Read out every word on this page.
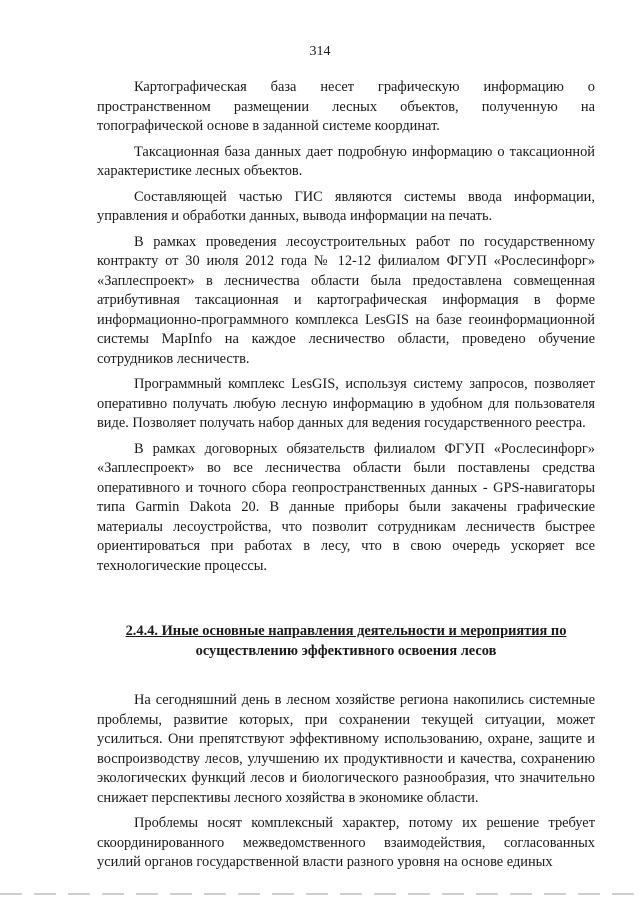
314

Картографическая база несет графическую информацию о пространственном размещении лесных объектов, полученную на топографической основе в заданной системе координат.

Таксационная база данных дает подробную информацию о таксационной характеристике лесных объектов.

Составляющей частью ГИС являются системы ввода информации, управления и обработки данных, вывода информации на печать.

В рамках проведения лесоустроительных работ по государственному контракту от 30 июля 2012 года № 12-12 филиалом ФГУП «Рослесинфорг» «Заплеспроект» в лесничества области была предоставлена совмещенная атрибутивная таксационная и картографическая информация в форме информационно-программного комплекса LesGIS на базе геоинформационной системы MapInfo на каждое лесничество области, проведено обучение сотрудников лесничеств.

Программный комплекс LesGIS, используя систему запросов, позволяет оперативно получать любую лесную информацию в удобном для пользователя виде. Позволяет получать набор данных для ведения государственного реестра.

В рамках договорных обязательств филиалом ФГУП «Рослесинфорг» «Заплеспроект» во все лесничества области были поставлены средства оперативного и точного сбора геопространственных данных - GPS-навигаторы типа Garmin Dakota 20. В данные приборы были закачены графические материалы лесоустройства, что позволит сотрудникам лесничеств быстрее ориентироваться при работах в лесу, что в свою очередь ускоряет все технологические процессы.

2.4.4. Иные основные направления деятельности и мероприятия по
осуществлению эффективного освоения лесов

На сегодняшний день в лесном хозяйстве региона накопились системные проблемы, развитие которых, при сохранении текущей ситуации, может усилиться. Они препятствуют эффективному использованию, охране, защите и воспроизводству лесов, улучшению их продуктивности и качества, сохранению экологических функций лесов и биологического разнообразия, что значительно снижает перспективы лесного хозяйства в экономике области.

Проблемы носят комплексный характер, потому их решение требует скоординированного межведомственного взаимодействия, согласованных усилий органов государственной власти разного уровня на основе единых
